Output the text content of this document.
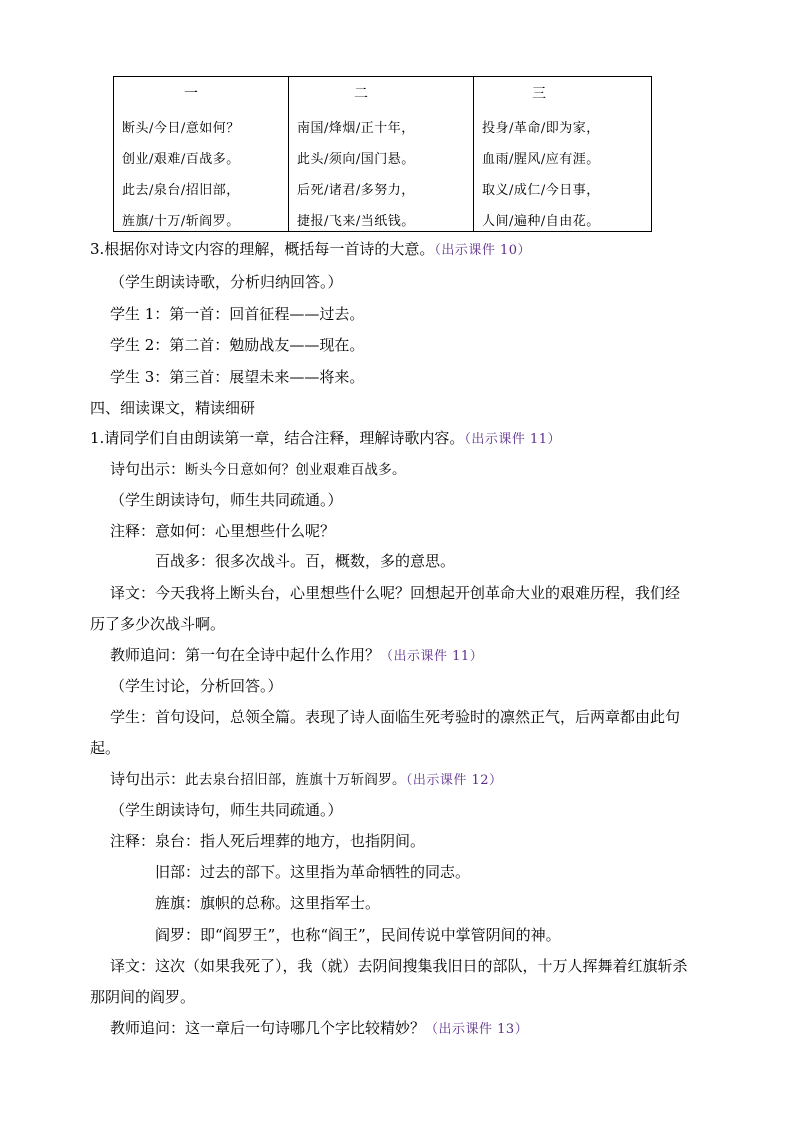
一
断头/今日/意如何？
创业/艰难/百战多。
此去/泉台/招旧部，
旌旗/十万/斩阎罗。
二
南国/烽烟/正十年，
此头/须向/国门悬。
后死/诸君/多努力，
捷报/飞来/当纸钱。
三
投身/革命/即为家，
血雨/腥风/应有涯。
取义/成仁/今日事，
人间/遍种/自由花。
3.根据你对诗文内容的理解，概括每一首诗的大意。（出示课件 10）
（学生朗读诗歌，分析归纳回答。）
学生 1：第一首：回首征程——过去。
学生 2：第二首：勉励战友——现在。
学生 3：第三首：展望未来——将来。
四、细读课文，精读细研
1.请同学们自由朗读第一章，结合注释，理解诗歌内容。（出示课件 11）
诗句出示：断头今日意如何？创业艰难百战多。
（学生朗读诗句，师生共同疏通。）
注释：意如何：心里想些什么呢？
百战多：很多次战斗。百，概数，多的意思。
译文：今天我将上断头台，心里想些什么呢？回想起开创革命大业的艰难历程，我们经
历了多少次战斗啊。
教师追问：第一句在全诗中起什么作用？（出示课件 11）
（学生讨论，分析回答。）
学生：首句设问，总领全篇。表现了诗人面临生死考验时的凛然正气，后两章都由此句
起。
诗句出示：此去泉台招旧部，旌旗十万斩阎罗。（出示课件 12）
（学生朗读诗句，师生共同疏通。）
注释：泉台：指人死后埋葬的地方，也指阴间。
旧部：过去的部下。这里指为革命牺牲的同志。
旌旗：旗帜的总称。这里指军士。
阎罗：即“阎罗王”，也称“阎王”，民间传说中掌管阴间的神。
译文：这次（如果我死了），我（就）去阴间搜集我旧日的部队，十万人挥舞着红旗斩杀
那阴间的阎罗。
教师追问：这一章后一句诗哪几个字比较精妙？（出示课件 13）
